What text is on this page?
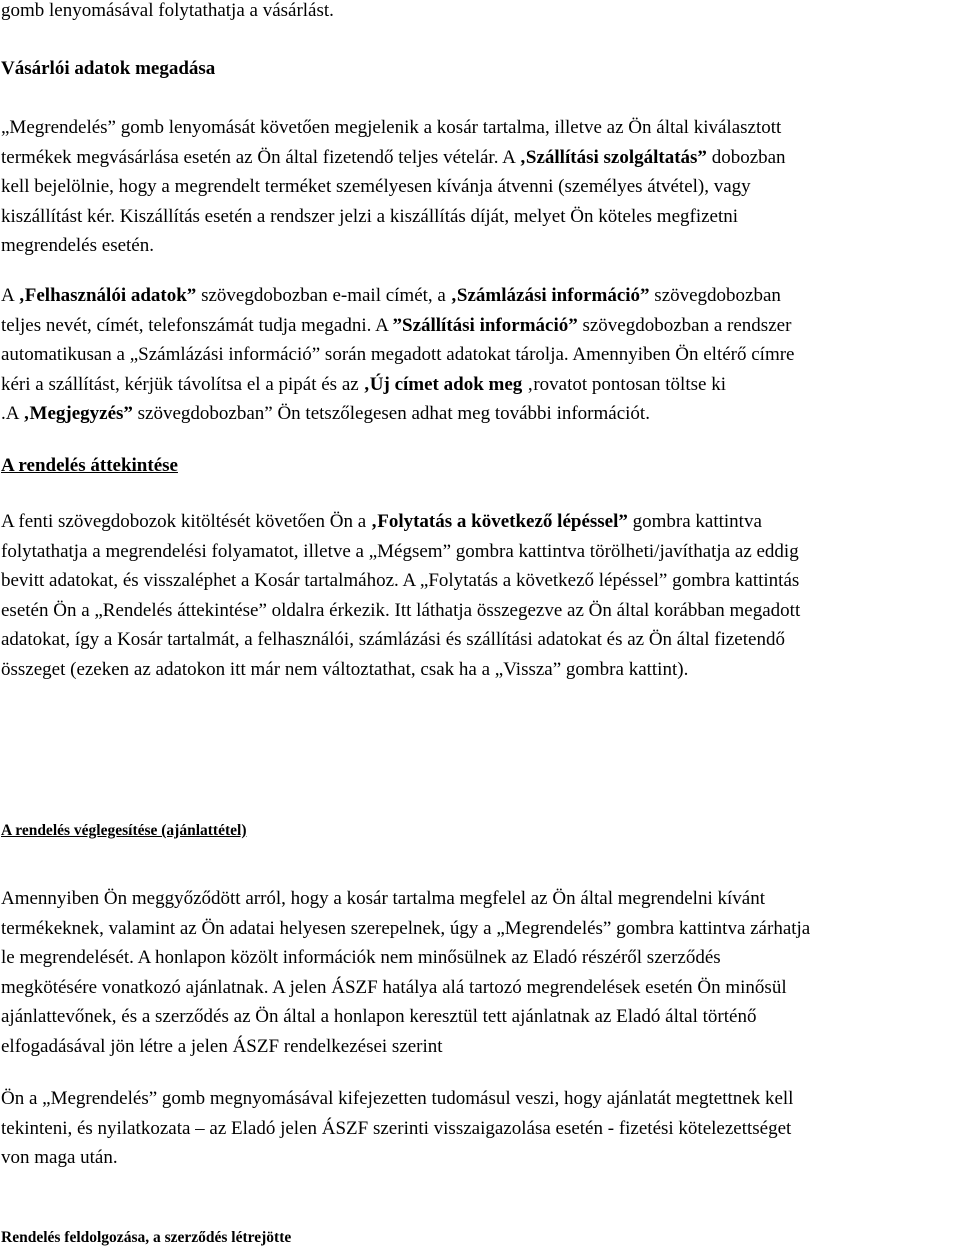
gomb lenyomásával folytathatja a vásárlást.

Vásárlói adatok megadása

„Megrendelés” gomb lenyomását követően megjelenik a kosár tartalma, illetve az Ön által kiválasztott
termékek megvásárlása esetén az Ön által fizetendő teljes vételár. A ‚Szállítási szolgáltatás” dobozban
kell bejelölnie, hogy a megrendelt terméket személyesen kívánja átvenni (személyes átvétel), vagy
kiszállítást kér. Kiszállítás esetén a rendszer jelzi a kiszállítás díját, melyet Ön köteles megfizetni
megrendelés esetén.

A ‚Felhasználói adatok” szövegdobozban e-mail címét, a ‚Számlázási információ” szövegdobozban
teljes nevét, címét, telefonszámát tudja megadni. A ”Szállítási információ” szövegdobozban a rendszer
automatikusan a „Számlázási információ” során megadott adatokat tárolja. Amennyiben Ön eltérő címre
kéri a szállítást, kérjük távolítsa el a pipát és az ‚Új címet adok meg ‚rovatot pontosan töltse ki
.A ‚Megjegyzés” szövegdobozban” Ön tetszőlegesen adhat meg további információt.

A rendelés áttekintése

A fenti szövegdobozok kitöltését követően Ön a ‚Folytatás a következő lépéssel” gombra kattintva
folytathatja a megrendelési folyamatot, illetve a „Mégsem” gombra kattintva törölheti/javíthatja az eddig
bevitt adatokat, és visszaléphet a Kosár tartalmához. A „Folytatás a következő lépéssel” gombra kattintás
esetén Ön a „Rendelés áttekintése” oldalra érkezik. Itt láthatja összegezve az Ön által korábban megadott
adatokat, így a Kosár tartalmát, a felhasználói, számlázási és szállítási adatokat és az Ön által fizetendő
összeget (ezeken az adatokon itt már nem változtathat, csak ha a „Vissza” gombra kattint).

A rendelés véglegesítése (ajánlattétel)

Amennyiben Ön meggyőződött arról, hogy a kosár tartalma megfelel az Ön által megrendelni kívánt
termékeknek, valamint az Ön adatai helyesen szerepelnek, úgy a „Megrendelés” gombra kattintva zárhatja
le megrendelését. A honlapon közölt információk nem minősülnek az Eladó részéről szerződés
megkötésére vonatkozó ajánlatnak. A jelen ÁSZF hatálya alá tartozó megrendelések esetén Ön minősül
ajánlattevőnek, és a szerződés az Ön által a honlapon keresztül tett ajánlatnak az Eladó által történő
elfogadásával jön létre a jelen ÁSZF rendelkezései szerint

Ön a „Megrendelés” gomb megnyomásával kifejezetten tudomásul veszi, hogy ajánlatát megtettnek kell
tekinteni, és nyilatkozata – az Eladó jelen ÁSZF szerinti visszaigazolása esetén - fizetési kötelezettséget
von maga után.

Rendelés feldolgozása, a szerződés létrejötte
